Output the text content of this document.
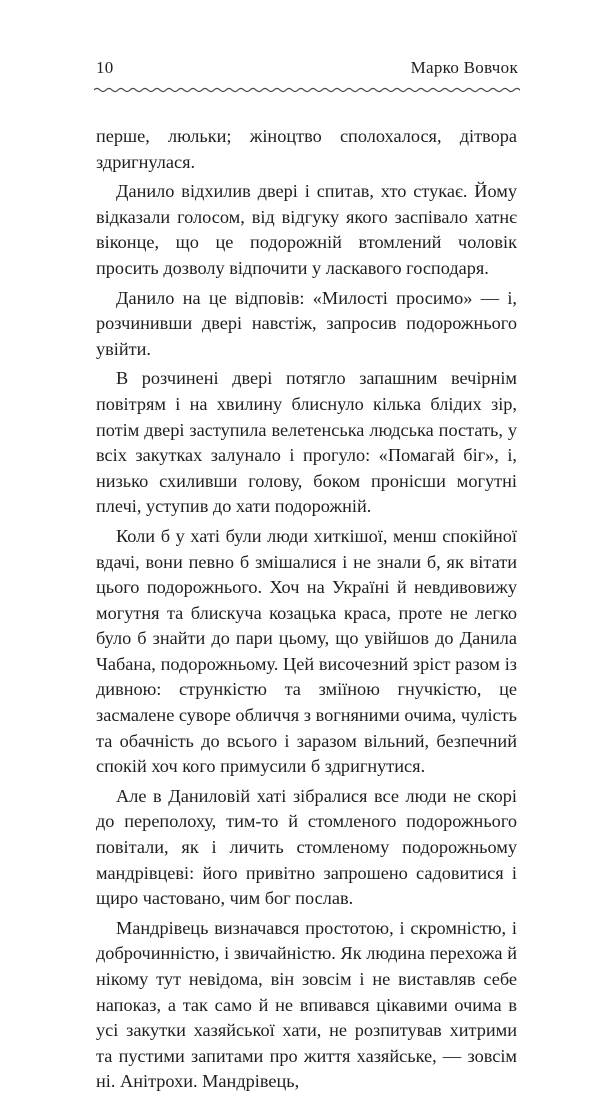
10	Марко Вовчок

перше, люльки; жіноцтво сполохалося, дітвора здригнулася.

Данило відхилив двері і спитав, хто стукає. Йому відказали голосом, від відгуку якого заспівало хатнє віконце, що це подорожній втомлений чоловік просить дозволу відпочити у ласкавого господаря.

Данило на це відповів: «Милості просимо» — і, розчинивши двері навстіж, запросив подорожнього увійти.

В розчинені двері потягло запашним вечірнім повітрям і на хвилину блиснуло кілька блідих зір, потім двері заступила велетенська людська постать, у всіх закутках залунало і прогуло: «Помагай біг», і, низько схиливши голову, боком пронісши могутні плечі, уступив до хати подорожній.

Коли б у хаті були люди хиткішої, менш спокійної вдачі, вони певно б змішалися і не знали б, як вітати цього подорожнього. Хоч на Україні й невдивовижу могутня та блискуча козацька краса, проте не легко було б знайти до пари цьому, що увійшов до Данила Чабана, подорожньому. Цей височезний зріст разом із дивною: стрункістю та зміїною гнучкістю, це засмалене суворе обличчя з вогняними очима, чулість та обачність до всього і заразом вільний, безпечний спокій хоч кого примусили б здригнутися.

Але в Даниловій хаті зібралися все люди не скорі до переполоху, тим-то й стомленого подорожнього повітали, як і личить стомленому подорожньому мандрівцеві: його привітно запрошено садовитися і щиро частовано, чим бог послав.

Мандрівець визначався простотою, і скромністю, і доброчинністю, і звичайністю. Як людина перехожа й нікому тут невідома, він зовсім і не виставляв себе напоказ, а так само й не впивався цікавими очима в усі закутки хазяйської хати, не розпитував хитрими та пустими запитами про життя хазяйське, — зовсім ні. Анітрохи. Мандрівець,
